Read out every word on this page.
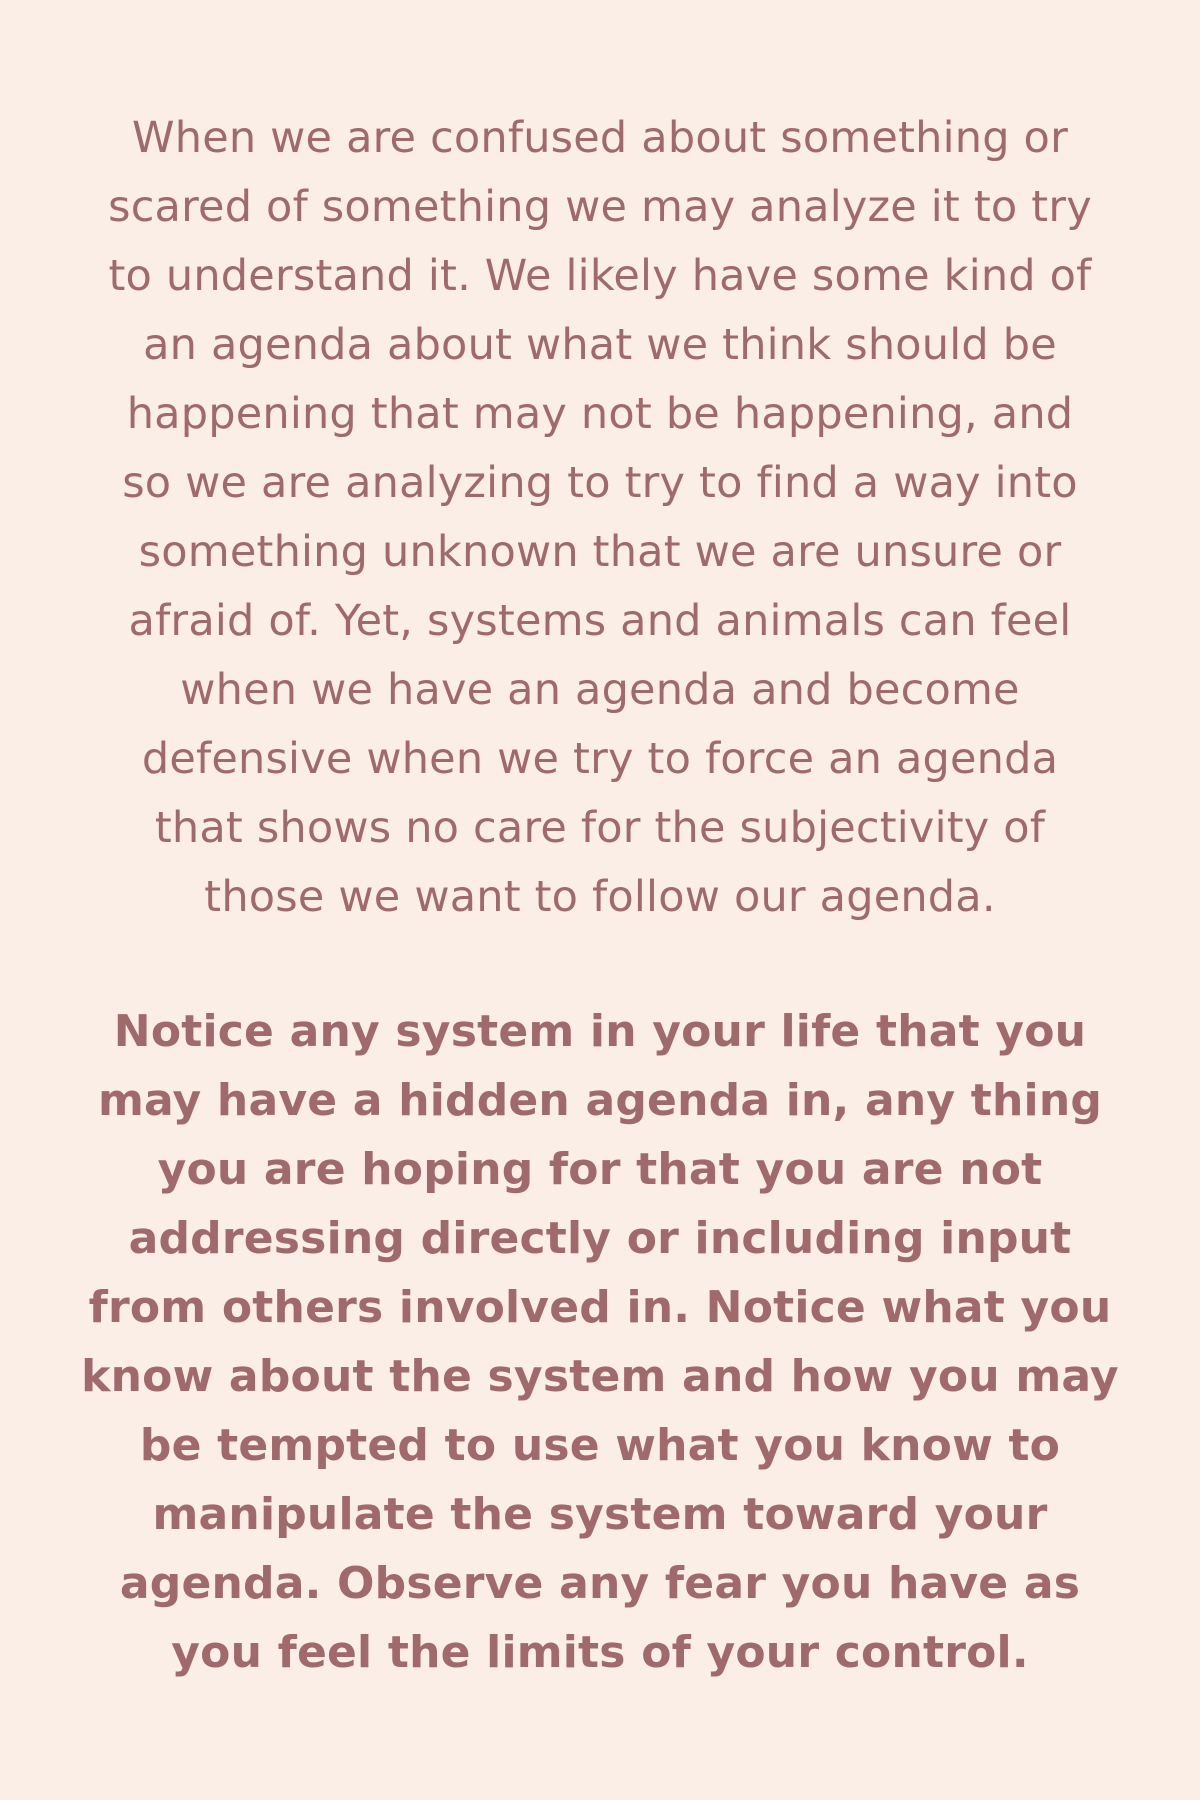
When we are confused about something or
scared of something we may analyze it to try
to understand it. We likely have some kind of
an agenda about what we think should be
happening that may not be happening, and
so we are analyzing to try to find a way into
something unknown that we are unsure or
afraid of. Yet, systems and animals can feel
when we have an agenda and become
defensive when we try to force an agenda
that shows no care for the subjectivity of
those we want to follow our agenda.
Notice any system in your life that you
may have a hidden agenda in, any thing
you are hoping for that you are not
addressing directly or including input
from others involved in. Notice what you
know about the system and how you may
be tempted to use what you know to
manipulate the system toward your
agenda. Observe any fear you have as
you feel the limits of your control.
